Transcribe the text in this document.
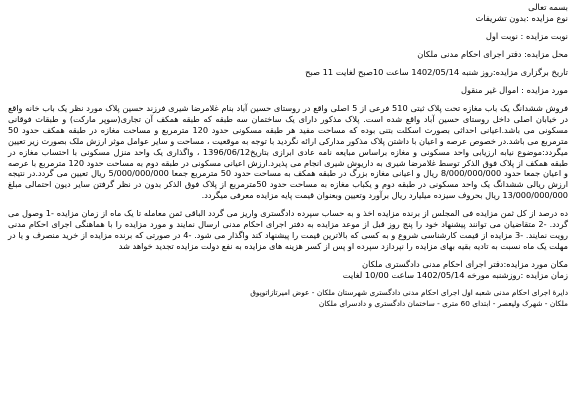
بسمه تعالی

نوع مزایده :بدون تشریفات

نوبت مزایده : نوبت اول

محل مزایده: دفتر اجرای احکام مدنی ملکان

تاریخ برگزاری مزایده:روز شنبه 1402/05/14 ساعت 10صبح لغایت 11 صبح

مورد مزایده : اموال غیر منقول

فروش ششدانگ یک باب مغازه تحت پلاک ثبتی 510 فرعی از 5 اصلی واقع در روستای حسین آباد بنام غلامرضا شیری فرزند حسین پلاک مورد نظر یک باب خانه واقع در خیابان اصلی داخل روستای حسین آباد واقع شده است. پلاک مذکور دارای یک ساختمان سه طبقه که طبقه همکف آن تجاری(سوپر مارکت) و طبقات فوقانی مسکونی می باشد.اعیانی احداثی بصورت اسکلت بتنی بوده که مساحت مفید هر طبقه مسکونی حدود 120 مترمربع و مساحت مغازه در طبقه همکف حدود 50 مترمربع می باشد.در خصوص عرصه و اعیان با داشتن پلاک مذکور مدارکی ارائه نگردید با توجه به موقعیت ، مساحت و سایر عوامل موثر ارزش ملک بصورت زیر تعیین میگردد:موضوع نیابه ارزیابی واحد مسکونی و مغازه براساس مبایعه نامه عادی ابرازی بتاریخ1396/06/12 ، واگذاری یک واحد منزل مسکونی با احتساب مغازه در طبقه همکف از پلاک فوق الذکر توسط غلامرضا شیری به داریوش شیری انجام می پذیرد.ارزش اعیانی مسکونی در طبقه دوم به مساحت حدود 120 مترمربع با عرصه و اعیان جمعا حدود 8/000/000/000 ریال و اعیانی مغازه بزرگ در طبقه همکف به مساحت حدود 50 مترمربع جمعا 5/000/000/000 ریال تعیین می گردد.در نتیجه ارزش ریالی ششدانگ یک واحد مسکونی در طبقه دوم و یکباب مغازه به مساحت حدود 50مترمربع از پلاک فوق الذکر بدون در نظر گرفتن سایر دیون احتمالی مبلغ 13/000/000/000 ریال بحروف سیزده میلیارد ریال برآورد وتعیین وبعنوان قیمت پایه مزایده معرفی میگردد.

ده درصد از کل ثمن مزایده فی المجلس از برنده مزایده اخذ و به حساب سپرده دادگستری واریز می گردد الباقی ثمن معامله تا یک ماه از زمان مزایده -1 وصول می گردد. -2 متقاضیان می توانند پیشنهاد خود را پنج روز قبل از موعد مزایده به دفتر اجرای احکام مدنی ارسال نمایند و مورد مزایده را با هماهنگی اجرای احکام مدنی رویت نمایند. -3 مزایده از قیمت کارشناسی شروع و به کسی که بالاترین قیمت را پیشنهاد کند واگذار می شود. -4 در صورتی که برنده مزایده از خرید منصرف و یا در مهلت یک ماه نسبت به تادیه بقیه بهای مزایده را نپردازد سپرده او پس از کسر هزینه های مزایده به نفع دولت مزایده تجدید خواهد شد

مکان مورد مزایده:دفتر اجرای احکام مدنی دادگستری ملکان

زمان مزایده :روزشنبه مورخه 1402/05/14 ساعت 10/00 لغایت

دایرۀ اجرای احکام مدنی شعبه اول اجرای احکام مدنی دادگستری شهرستان ملکان - عوض امیرتازاتوپوق

ملکان - شهرک ولیعصر - ابتدای 60 متری - ساختمان دادگستری و دادسرای ملکان
